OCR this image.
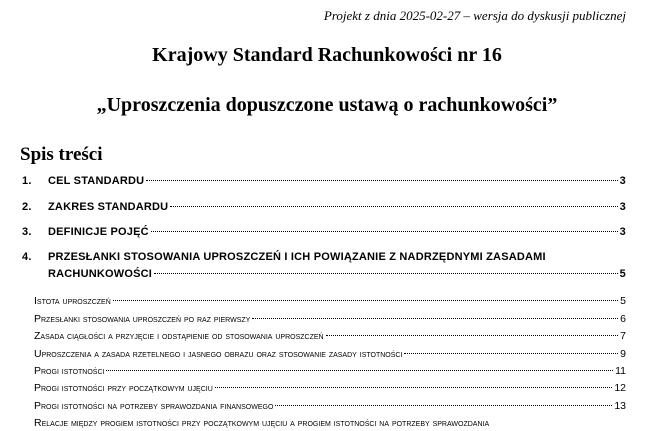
Projekt z dnia 2025-02-27 – wersja do dyskusji publicznej
Krajowy Standard Rachunkowości nr 16
„Uproszczenia dopuszczone ustawą o rachunkowości”
Spis treści
1. CEL STANDARDU	3
2. ZAKRES STANDARDU	3
3. DEFINICJE POJĘĆ	3
4. PRZESŁANKI STOSOWANIA UPROSZCZEŃ I ICH POWIĄZANIE Z NADRZĘDNYMI ZASADAMI
RACHUNKOWOŚCI	5
Istota uproszczeń	5
Przesłanki stosowania uproszczeń po raz pierwszy	6
Zasada ciągłości a przyjęcie i odstąpienie od stosowania uproszczeń	7
Uproszczenia a zasada rzetelnego i jasnego obrazu oraz stosowanie zasady istotności	9
Progi istotności	11
Progi istotności przy początkowym ujęciu	12
Progi istotności na potrzeby sprawozdania finansowego	13
Relacje między progiem istotności przy początkowym ujęciu a progiem istotności na potrzeby sprawozdania
